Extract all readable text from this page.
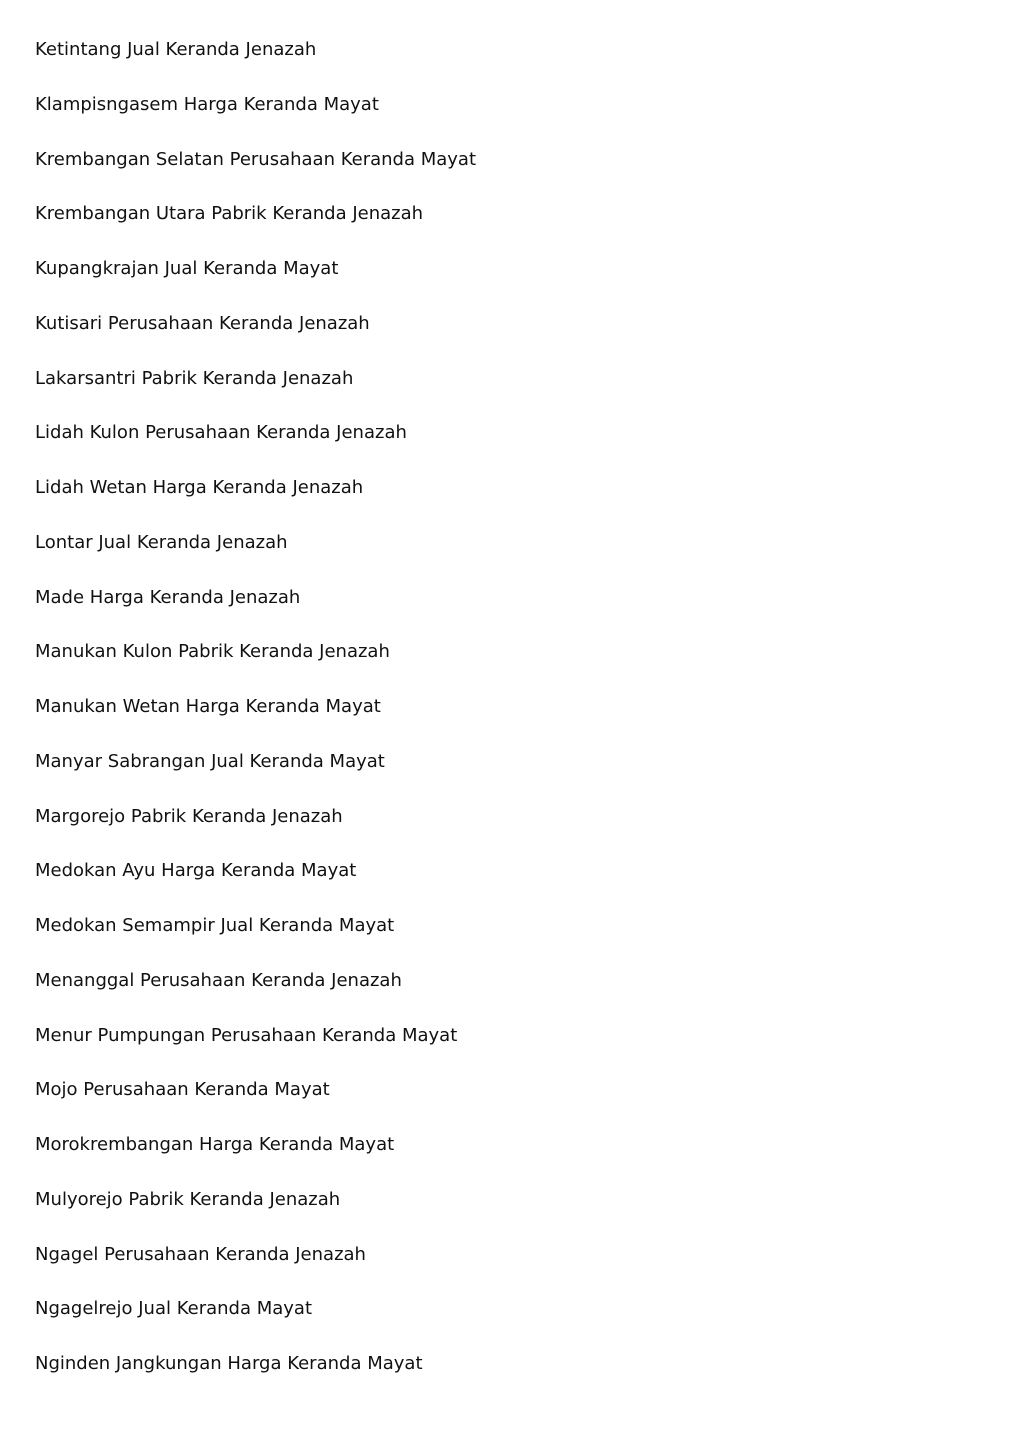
Ketintang Jual Keranda Jenazah
Klampisngasem Harga Keranda Mayat
Krembangan Selatan Perusahaan Keranda Mayat
Krembangan Utara Pabrik Keranda Jenazah
Kupangkrajan Jual Keranda Mayat
Kutisari Perusahaan Keranda Jenazah
Lakarsantri Pabrik Keranda Jenazah
Lidah Kulon Perusahaan Keranda Jenazah
Lidah Wetan Harga Keranda Jenazah
Lontar Jual Keranda Jenazah
Made Harga Keranda Jenazah
Manukan Kulon Pabrik Keranda Jenazah
Manukan Wetan Harga Keranda Mayat
Manyar Sabrangan Jual Keranda Mayat
Margorejo Pabrik Keranda Jenazah
Medokan Ayu Harga Keranda Mayat
Medokan Semampir Jual Keranda Mayat
Menanggal Perusahaan Keranda Jenazah
Menur Pumpungan Perusahaan Keranda Mayat
Mojo Perusahaan Keranda Mayat
Morokrembangan Harga Keranda Mayat
Mulyorejo Pabrik Keranda Jenazah
Ngagel Perusahaan Keranda Jenazah
Ngagelrejo Jual Keranda Mayat
Nginden Jangkungan Harga Keranda Mayat
